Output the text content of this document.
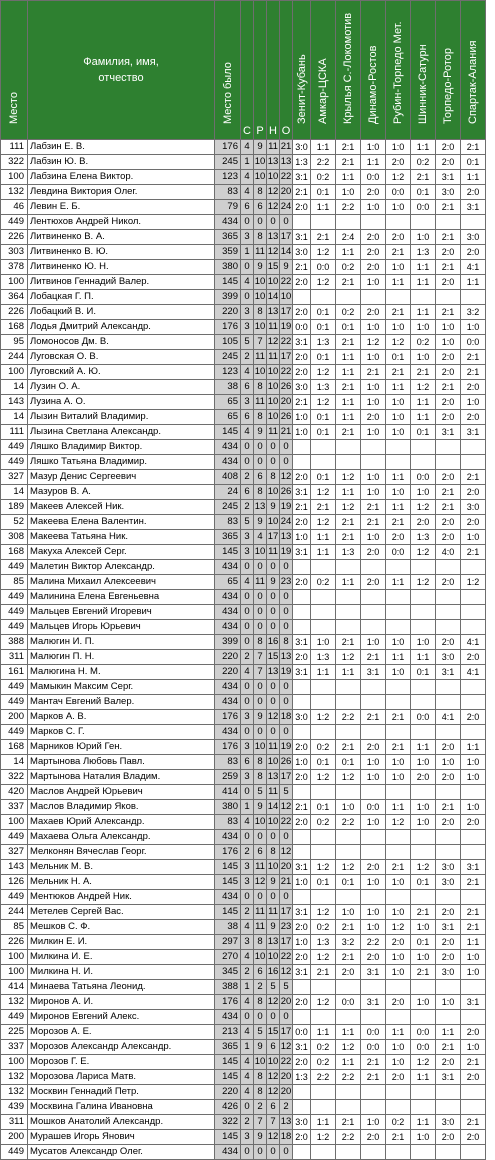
Место	Фамилия, имя,
отчество	Место было	С	Р	Н	О	Зенит-Кубань	Амкар-ЦСКА	Крылья С.-Локомотив	Динамо-Ростов	Рубин-Торпедо Мет.	Шинник-Сатурн	Торпедо-Ротор	Спартак-Алания

111	Лабзин Е. В.	176	4	9	11	21	3:0	1:1	2:1	1:0	1:0	1:1	2:0	2:1
322	Лабзин Ю. В.	245	1	10	13	13	1:3	2:2	2:1	1:1	2:0	0:2	2:0	0:1
100	Лабзина Елена Виктор.	123	4	10	10	22	3:1	0:2	1:1	0:0	1:2	2:1	3:1	1:1
132	Левдина Виктория Олег.	83	4	8	12	20	2:1	0:1	1:0	2:0	0:0	0:1	3:0	2:0
46	Левин Е. Б.	79	6	6	12	24	2:0	1:1	2:2	1:0	1:0	0:0	2:1	3:1
449	Лентюхов Андрей Никол.	434	0	0	0	0								
226	Литвиненко В. А.	365	3	8	13	17	3:1	2:1	2:4	2:0	2:0	1:0	2:1	3:0
303	Литвиненко В. Ю.	359	1	11	12	14	3:0	1:2	1:1	2:0	2:1	1:3	2:0	2:0
378	Литвиненко Ю. Н.	380	0	9	15	9	2:1	0:0	0:2	2:0	1:0	1:1	2:1	4:1
100	Литвинов Геннадий Валер.	145	4	10	10	22	2:0	1:2	2:1	1:0	1:1	1:1	2:0	1:1
364	Лобацкая Г. П.	399	0	10	14	10								
226	Лобацкий В. И.	220	3	8	13	17	2:0	0:1	0:2	2:0	2:1	1:1	2:1	3:2
168	Лодья Дмитрий Александр.	176	3	10	11	19	0:0	0:1	0:1	1:0	1:0	1:0	1:0	1:0
95	Ломоносов Дм. В.	105	5	7	12	22	3:1	1:3	2:1	1:2	1:2	0:2	1:0	0:0
244	Луговская О. В.	245	2	11	11	17	2:0	0:1	1:1	1:0	0:1	1:0	2:0	2:1
100	Луговский А. Ю.	123	4	10	10	22	2:0	1:2	1:1	2:1	2:1	2:1	2:0	2:1
14	Лузин О. А.	38	6	8	10	26	3:0	1:3	2:1	1:0	1:1	1:2	2:1	2:0
143	Лузина А. О.	65	3	11	10	20	2:1	1:2	1:1	1:0	1:0	1:1	2:0	1:0
14	Лызин Виталий Владимир.	65	6	8	10	26	1:0	0:1	1:1	2:0	1:0	1:1	2:0	2:0
111	Лызина Светлана Александр.	145	4	9	11	21	1:0	0:1	2:1	1:0	1:0	0:1	3:1	3:1
449	Ляшко Владимир Виктор.	434	0	0	0	0								
449	Ляшко Татьяна Владимир.	434	0	0	0	0								
327	Мазур Денис Сергеевич	408	2	6	8	12	2:0	0:1	1:2	1:0	1:1	0:0	2:0	2:1
14	Мазуров В. А.	24	6	8	10	26	3:1	1:2	1:1	1:0	1:0	1:0	2:1	2:0
189	Макеев Алексей Ник.	245	2	13	9	19	2:1	2:1	1:2	2:1	1:1	1:2	2:1	3:0
52	Макеева Елена Валентин.	83	5	9	10	24	2:0	1:2	2:1	2:1	2:1	2:0	2:0	2:0
308	Макеева Татьяна Ник.	365	3	4	17	13	1:0	1:1	2:1	1:0	2:0	1:3	2:0	1:0
168	Макуха Алексей Серг.	145	3	10	11	19	3:1	1:1	1:3	2:0	0:0	1:2	4:0	2:1
449	Малетин Виктор Александр.	434	0	0	0	0								
85	Малина Михаил Алексеевич	65	4	11	9	23	2:0	0:2	1:1	2:0	1:1	1:2	2:0	1:2
449	Малинина Елена Евгеньевна	434	0	0	0	0								
449	Мальцев Евгений Игоревич	434	0	0	0	0								
449	Мальцев Игорь Юрьевич	434	0	0	0	0								
388	Малюгин И. П.	399	0	8	16	8	3:1	1:0	2:1	1:0	1:0	1:0	2:0	4:1
311	Малюгин П. Н.	220	2	7	15	13	2:0	1:3	1:2	2:1	1:1	1:1	3:0	2:0
161	Малюгина Н. М.	220	4	7	13	19	3:1	1:1	1:1	3:1	1:0	0:1	3:1	4:1
449	Мамыкин Максим Серг.	434	0	0	0	0								
449	Мантач Евгений Валер.	434	0	0	0	0								
200	Марков А. В.	176	3	9	12	18	3:0	1:2	2:2	2:1	2:1	0:0	4:1	2:0
449	Марков С. Г.	434	0	0	0	0								
168	Марников Юрий Ген.	176	3	10	11	19	2:0	0:2	2:1	2:0	2:1	1:1	2:0	1:1
14	Мартынова Любовь Павл.	83	6	8	10	26	1:0	0:1	0:1	1:0	1:0	1:0	1:0	1:0
322	Мартынова Наталия Владим.	259	3	8	13	17	2:0	1:2	1:2	1:0	1:0	2:0	2:0	1:0
420	Маслов Андрей Юрьевич	414	0	5	11	5								
337	Маслов Владимир Яков.	380	1	9	14	12	2:1	0:1	1:0	0:0	1:1	1:0	2:1	1:0
100	Махаев Юрий Александр.	83	4	10	10	22	2:0	0:2	2:2	1:0	1:2	1:0	2:0	2:0
449	Махаева Ольга Александр.	434	0	0	0	0								
327	Мелконян Вячеслав Георг.	176	2	6	8	12								
143	Мельник М. В.	145	3	11	10	20	3:1	1:2	1:2	2:0	2:1	1:2	3:0	3:1
126	Мельник Н. А.	145	3	12	9	21	1:0	0:1	0:1	1:0	1:0	0:1	3:0	2:1
449	Ментюков Андрей Ник.	434	0	0	0	0								
244	Метелев Сергей Вас.	145	2	11	11	17	3:1	1:2	1:0	1:0	1:0	2:1	2:0	2:1
85	Мешков С. Ф.	38	4	11	9	23	2:0	0:2	2:1	1:0	1:2	1:0	3:1	2:1
226	Милкин Е. И.	297	3	8	13	17	1:0	1:3	3:2	2:2	2:0	0:1	2:0	1:1
100	Милкина И. Е.	270	4	10	10	22	2:0	1:2	2:1	2:0	1:0	1:0	2:0	1:0
100	Милкина Н. И.	345	2	6	16	12	3:1	2:1	2:0	3:1	1:0	2:1	3:0	1:0
414	Минаева Татьяна Леонид.	388	1	2	5	5								
132	Миронов А. И.	176	4	8	12	20	2:0	1:2	0:0	3:1	2:0	1:0	1:0	3:1
449	Миронов Евгений Алекс.	434	0	0	0	0								
225	Морозов А. Е.	213	4	5	15	17	0:0	1:1	1:1	0:0	1:1	0:0	1:1	2:0
337	Морозов Александр Александр.	365	1	9	6	12	3:1	0:2	1:2	0:0	1:0	0:0	2:1	1:0
100	Морозов Г. Е.	145	4	10	10	22	2:0	0:2	1:1	2:1	1:0	1:2	2:0	2:1
132	Морозова Лариса Матв.	145	4	8	12	20	1:3	2:2	2:2	2:1	2:0	1:1	3:1	2:0
132	Москвин Геннадий Петр.	220	4	8	12	20								
439	Москвина Галина Ивановна	426	0	2	6	2								
311	Мошков Анатолий Александр.	322	2	7	7	13	3:0	1:1	2:1	1:0	0:2	1:1	3:0	2:1
200	Мурашев Игорь Янович	145	3	9	12	18	2:0	1:2	2:2	2:0	2:1	1:0	2:0	2:0
449	Мусатов Александр Олег.	434	0	0	0	0								
